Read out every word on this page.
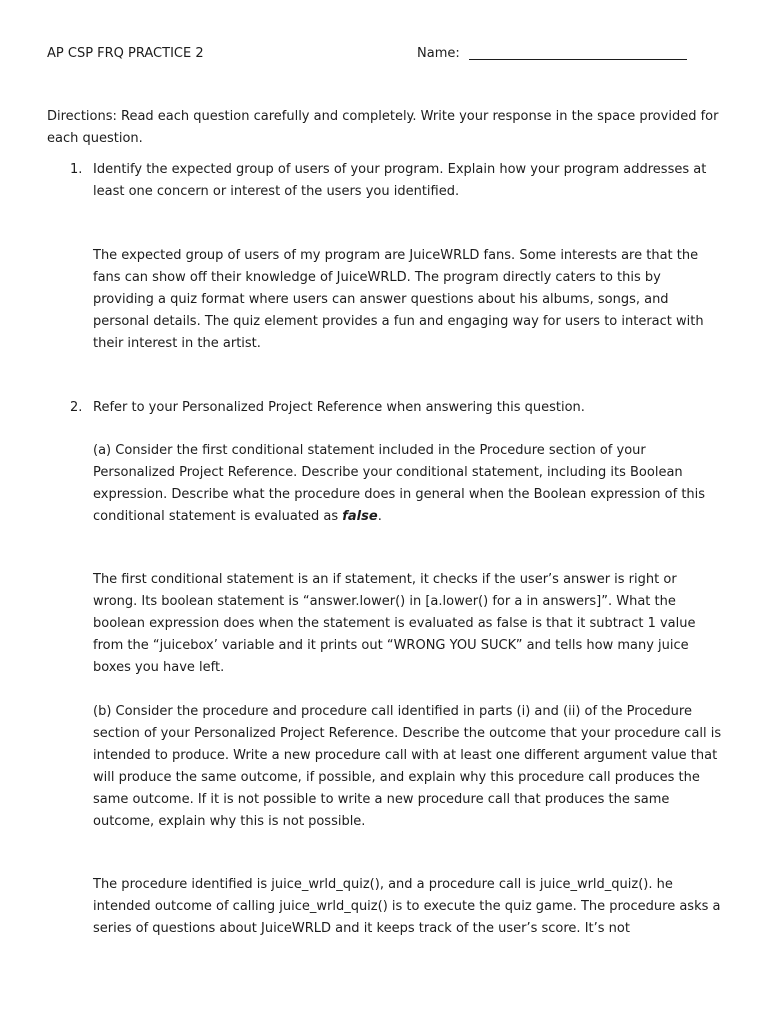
AP CSP FRQ PRACTICE 2	Name:
Directions: Read each question carefully and completely. Write your response in the space provided for each question.
1. Identify the expected group of users of your program. Explain how your program addresses at least one concern or interest of the users you identified.
The expected group of users of my program are JuiceWRLD fans. Some interests are that the fans can show off their knowledge of JuiceWRLD. The program directly caters to this by providing a quiz format where users can answer questions about his albums, songs, and personal details. The quiz element provides a fun and engaging way for users to interact with their interest in the artist.
2. Refer to your Personalized Project Reference when answering this question.
(a) Consider the first conditional statement included in the Procedure section of your Personalized Project Reference. Describe your conditional statement, including its Boolean expression. Describe what the procedure does in general when the Boolean expression of this conditional statement is evaluated as false.
The first conditional statement is an if statement, it checks if the user’s answer is right or wrong. Its boolean statement is “answer.lower() in [a.lower() for a in answers]”. What the boolean expression does when the statement is evaluated as false is that it subtract 1 value from the “juicebox’ variable and it prints out “WRONG YOU SUCK” and tells how many juice boxes you have left.
(b) Consider the procedure and procedure call identified in parts (i) and (ii) of the Procedure section of your Personalized Project Reference. Describe the outcome that your procedure call is intended to produce. Write a new procedure call with at least one different argument value that will produce the same outcome, if possible, and explain why this procedure call produces the same outcome. If it is not possible to write a new procedure call that produces the same outcome, explain why this is not possible.
The procedure identified is juice_wrld_quiz(), and a procedure call is juice_wrld_quiz(). he intended outcome of calling juice_wrld_quiz() is to execute the quiz game. The procedure asks a series of questions about JuiceWRLD and it keeps track of the user’s score. It’s not
